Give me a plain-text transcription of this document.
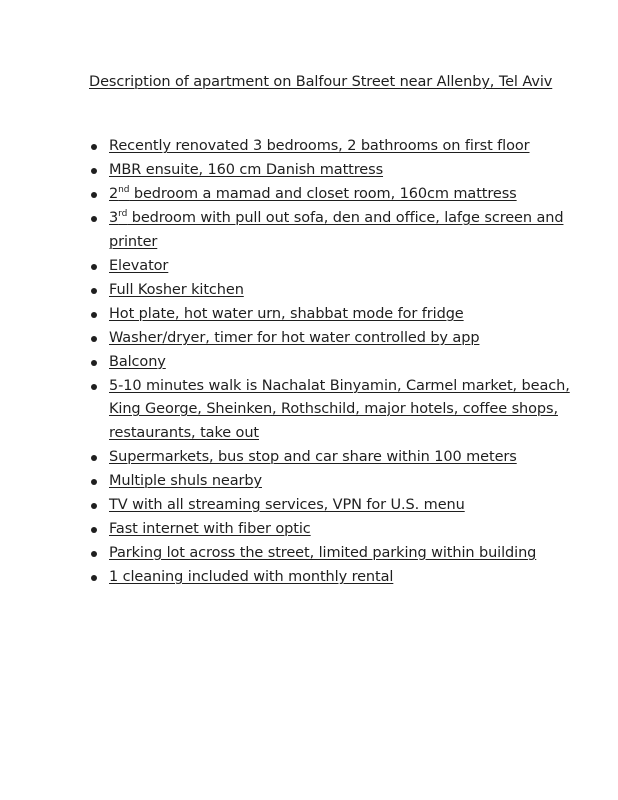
Description of apartment on Balfour Street near Allenby, Tel Aviv
Recently renovated 3 bedrooms, 2 bathrooms on first floor
MBR ensuite, 160 cm Danish mattress
2nd bedroom a mamad and closet room, 160cm mattress
3rd bedroom with pull out sofa, den and office, lafge screen and printer
Elevator
Full Kosher kitchen
Hot plate, hot water urn, shabbat mode for fridge
Washer/dryer, timer for hot water controlled by app
Balcony
5-10 minutes walk is Nachalat Binyamin, Carmel market, beach, King George, Sheinken, Rothschild, major hotels, coffee shops, restaurants, take out
Supermarkets, bus stop and car share within 100 meters
Multiple shuls nearby
TV with all streaming services, VPN for U.S. menu
Fast internet with fiber optic
Parking lot across the street, limited parking within building
1 cleaning included with monthly rental
